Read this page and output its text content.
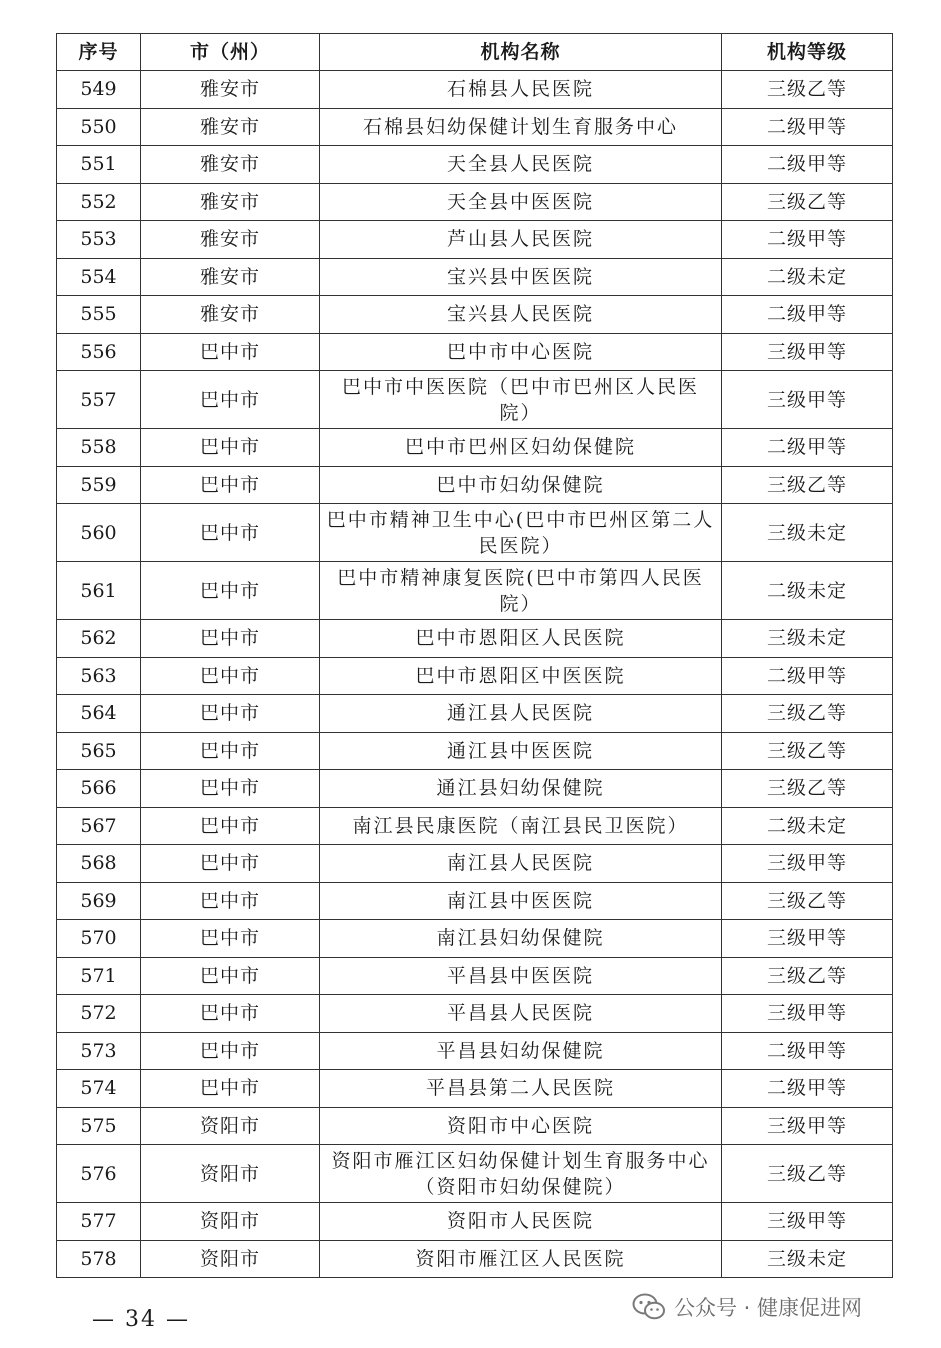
序号	市（州）	机构名称	机构等级
549	雅安市	石棉县人民医院	三级乙等
550	雅安市	石棉县妇幼保健计划生育服务中心	二级甲等
551	雅安市	天全县人民医院	二级甲等
552	雅安市	天全县中医医院	三级乙等
553	雅安市	芦山县人民医院	二级甲等
554	雅安市	宝兴县中医医院	二级未定
555	雅安市	宝兴县人民医院	二级甲等
556	巴中市	巴中市中心医院	三级甲等
557	巴中市	巴中市中医医院（巴中市巴州区人民医院）	三级甲等
558	巴中市	巴中市巴州区妇幼保健院	二级甲等
559	巴中市	巴中市妇幼保健院	三级乙等
560	巴中市	巴中市精神卫生中心(巴中市巴州区第二人民医院）	三级未定
561	巴中市	巴中市精神康复医院(巴中市第四人民医院）	二级未定
562	巴中市	巴中市恩阳区人民医院	三级未定
563	巴中市	巴中市恩阳区中医医院	二级甲等
564	巴中市	通江县人民医院	三级乙等
565	巴中市	通江县中医医院	三级乙等
566	巴中市	通江县妇幼保健院	三级乙等
567	巴中市	南江县民康医院（南江县民卫医院）	二级未定
568	巴中市	南江县人民医院	三级甲等
569	巴中市	南江县中医医院	三级乙等
570	巴中市	南江县妇幼保健院	三级甲等
571	巴中市	平昌县中医医院	三级乙等
572	巴中市	平昌县人民医院	三级甲等
573	巴中市	平昌县妇幼保健院	二级甲等
574	巴中市	平昌县第二人民医院	二级甲等
575	资阳市	资阳市中心医院	三级甲等
576	资阳市	资阳市雁江区妇幼保健计划生育服务中心（资阳市妇幼保健院）	三级乙等
577	资阳市	资阳市人民医院	三级甲等
578	资阳市	资阳市雁江区人民医院	三级未定
— 34 —	公众号 · 健康促进网
